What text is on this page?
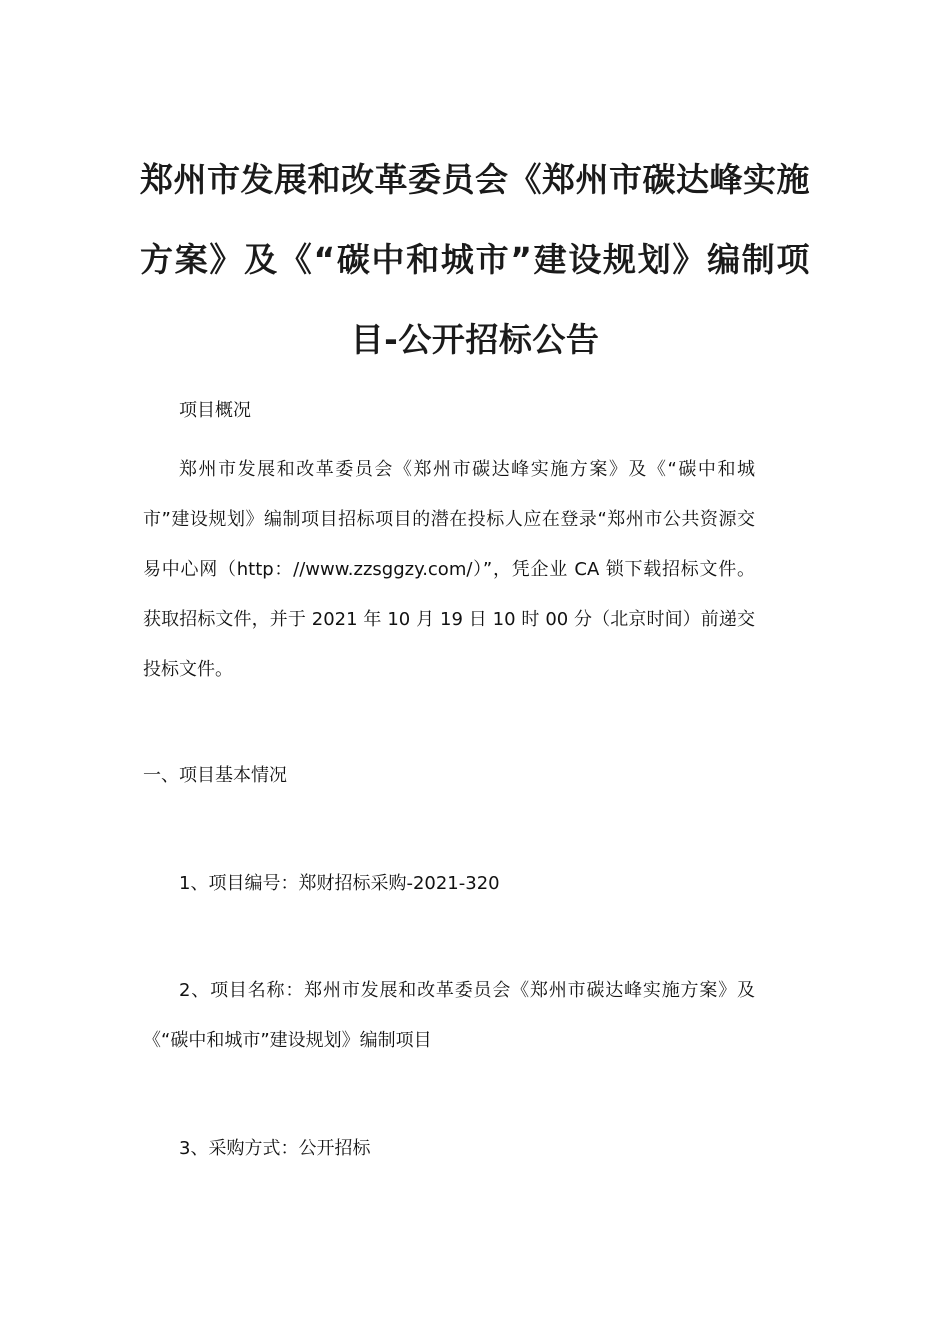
郑州市发展和改革委员会《郑州市碳达峰实施方案》及《“碳中和城市”建设规划》编制项目-公开招标公告

项目概况

郑州市发展和改革委员会《郑州市碳达峰实施方案》及《“碳中和城市”建设规划》编制项目招标项目的潜在投标人应在登录“郑州市公共资源交易中心网（http：//www.zzsggzy.com/）”，凭企业 CA 锁下载招标文件。获取招标文件，并于 2021 年 10 月 19 日 10 时 00 分（北京时间）前递交投标文件。

一、项目基本情况

1、项目编号：郑财招标采购-2021-320

2、项目名称：郑州市发展和改革委员会《郑州市碳达峰实施方案》及《“碳中和城市”建设规划》编制项目

3、采购方式：公开招标
